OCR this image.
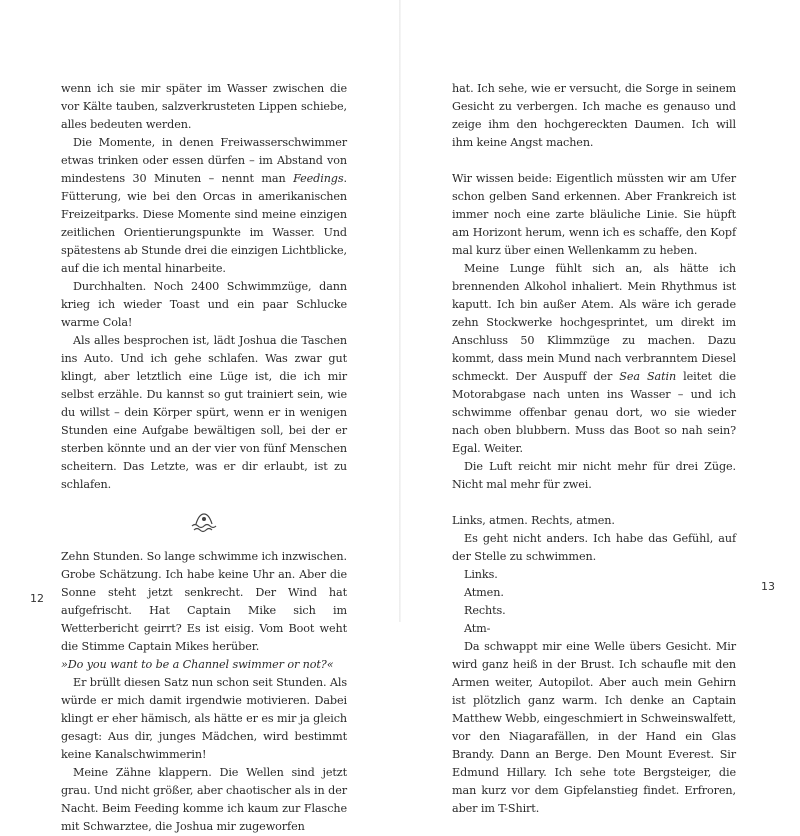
wenn ich sie mir später im Wasser zwischen die vor Kälte tauben, salzverkrusteten Lippen schiebe, alles bedeuten werden.

Die Momente, in denen Freiwasserschwimmer etwas trinken oder essen dürfen – im Abstand von mindestens 30 Minuten – nennt man Feedings. Fütterung, wie bei den Orcas in amerikanischen Freizeitparks. Diese Momente sind meine einzigen zeitlichen Orientierungspunkte im Wasser. Und spätestens ab Stunde drei die einzigen Lichtblicke, auf die ich mental hinarbeite.

Durchhalten. Noch 2400 Schwimmzüge, dann krieg ich wieder Toast und ein paar Schlucke warme Cola!

Als alles besprochen ist, lädt Joshua die Taschen ins Auto. Und ich gehe schlafen. Was zwar gut klingt, aber letztlich eine Lüge ist, die ich mir selbst erzähle. Du kannst so gut trainiert sein, wie du willst – dein Körper spürt, wenn er in wenigen Stunden eine Aufgabe bewältigen soll, bei der er sterben könnte und an der vier von fünf Menschen scheitern. Das Letzte, was er dir erlaubt, ist zu schlafen.

Zehn Stunden. So lange schwimme ich inzwischen. Grobe Schätzung. Ich habe keine Uhr an. Aber die Sonne steht jetzt senkrecht. Der Wind hat aufgefrischt. Hat Captain Mike sich im Wetterbericht geirrt? Es ist eisig. Vom Boot weht die Stimme Captain Mikes herüber.

»Do you want to be a Channel swimmer or not?«

Er brüllt diesen Satz nun schon seit Stunden. Als würde er mich damit irgendwie motivieren. Dabei klingt er eher hämisch, als hätte er es mir ja gleich gesagt: Aus dir, junges Mädchen, wird bestimmt keine Kanalschwimmerin!

Meine Zähne klappern. Die Wellen sind jetzt grau. Und nicht größer, aber chaotischer als in der Nacht. Beim Feeding komme ich kaum zur Flasche mit Schwarztee, die Joshua mir zugeworfen

12

hat. Ich sehe, wie er versucht, die Sorge in seinem Gesicht zu verbergen. Ich mache es genauso und zeige ihm den hochgereckten Daumen. Ich will ihm keine Angst machen.

Wir wissen beide: Eigentlich müssten wir am Ufer schon gelben Sand erkennen. Aber Frankreich ist immer noch eine zarte bläuliche Linie. Sie hüpft am Horizont herum, wenn ich es schaffe, den Kopf mal kurz über einen Wellenkamm zu heben.

Meine Lunge fühlt sich an, als hätte ich brennenden Alkohol inhaliert. Mein Rhythmus ist kaputt. Ich bin außer Atem. Als wäre ich gerade zehn Stockwerke hochgesprintet, um direkt im Anschluss 50 Klimmzüge zu machen. Dazu kommt, dass mein Mund nach verbranntem Diesel schmeckt. Der Auspuff der Sea Satin leitet die Motorabgase nach unten ins Wasser – und ich schwimme offenbar genau dort, wo sie wieder nach oben blubbern. Muss das Boot so nah sein? Egal. Weiter.

Die Luft reicht mir nicht mehr für drei Züge. Nicht mal mehr für zwei.

Links, atmen. Rechts, atmen.

Es geht nicht anders. Ich habe das Gefühl, auf der Stelle zu schwimmen.

Links.

Atmen.

Rechts.

Atm-

Da schwappt mir eine Welle übers Gesicht. Mir wird ganz heiß in der Brust. Ich schaufle mit den Armen weiter, Autopilot. Aber auch mein Gehirn ist plötzlich ganz warm. Ich denke an Captain Matthew Webb, eingeschmiert in Schweinswalfett, vor den Niagarafällen, in der Hand ein Glas Brandy. Dann an Berge. Den Mount Everest. Sir Edmund Hillary. Ich sehe tote Bergsteiger, die man kurz vor dem Gipfelanstieg findet. Erfroren, aber im T-Shirt.

13
